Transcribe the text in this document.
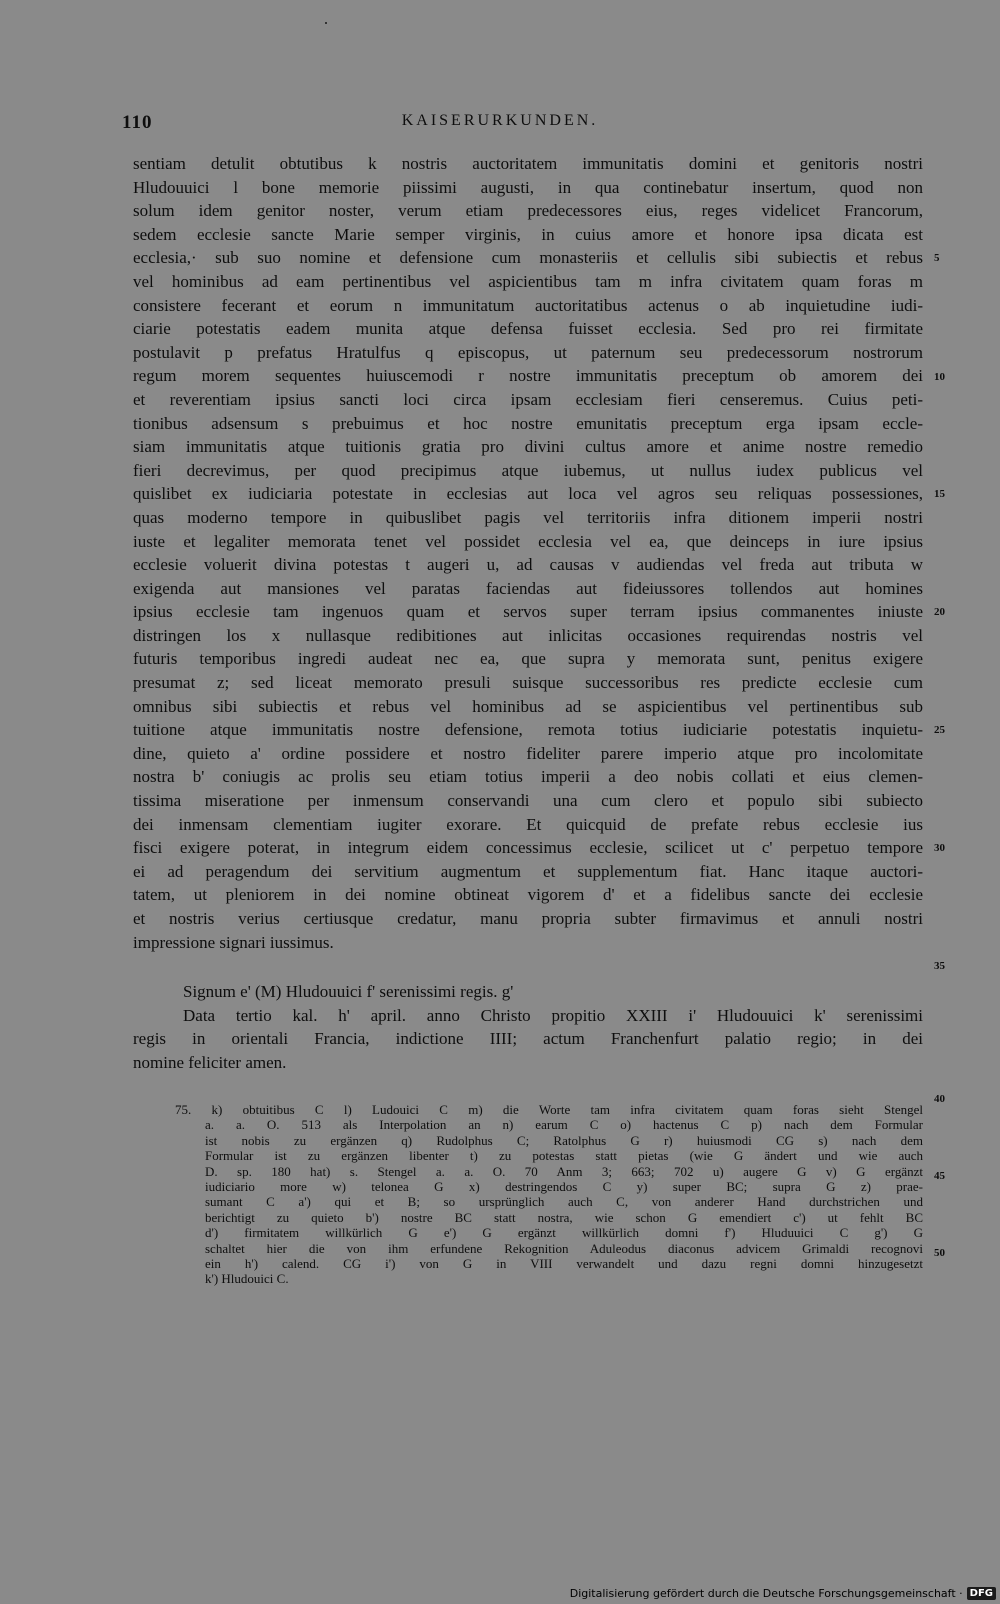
110	KAISERURKUNDEN.
sentiam detulit obtutibus k nostris auctoritatem immunitatis domini et genitoris nostri
Hludouuici l bone memorie piissimi augusti, in qua continebatur insertum, quod non
solum idem genitor noster, verum etiam predecessores eius, reges videlicet Francorum,
sedem ecclesie sancte Marie semper virginis, in cuius amore et honore ipsa dicata est
ecclesia,· sub suo nomine et defensione cum monasteriis et cellulis sibi subiectis et rebus
vel hominibus ad eam pertinentibus vel aspicientibus tam m infra civitatem quam foras m
consistere fecerant et eorum n immunitatum auctoritatibus actenus o ab inquietudine iudi-
ciarie potestatis eadem munita atque defensa fuisset ecclesia. Sed pro rei firmitate
postulavit p prefatus Hratulfus q episcopus, ut paternum seu predecessorum nostrorum
regum morem sequentes huiuscemodi r nostre immunitatis preceptum ob amorem dei
et reverentiam ipsius sancti loci circa ipsam ecclesiam fieri censeremus. Cuius peti-
tionibus adsensum s prebuimus et hoc nostre emunitatis preceptum erga ipsam eccle-
siam immunitatis atque tuitionis gratia pro divini cultus amore et anime nostre remedio
fieri decrevimus, per quod precipimus atque iubemus, ut nullus iudex publicus vel
quislibet ex iudiciaria potestate in ecclesias aut loca vel agros seu reliquas possessiones,
quas moderno tempore in quibuslibet pagis vel territoriis infra ditionem imperii nostri
iuste et legaliter memorata tenet vel possidet ecclesia vel ea, que deinceps in iure ipsius
ecclesie voluerit divina potestas t augeri u, ad causas v audiendas vel freda aut tributa w
exigenda aut mansiones vel paratas faciendas aut fideiussores tollendos aut homines
ipsius ecclesie tam ingenuos quam et servos super terram ipsius commanentes iniuste
distringen los x nullasque redibitiones aut inlicitas occasiones requirendas nostris vel
futuris temporibus ingredi audeat nec ea, que supra y memorata sunt, penitus exigere
presumat z; sed liceat memorato presuli suisque successoribus res predicte ecclesie cum
omnibus sibi subiectis et rebus vel hominibus ad se aspicientibus vel pertinentibus sub
tuitione atque immunitatis nostre defensione, remota totius iudiciarie potestatis inquietu-
dine, quieto a' ordine possidere et nostro fideliter parere imperio atque pro incolomitate
nostra b' coniugis ac prolis seu etiam totius imperii a deo nobis collati et eius clemen-
tissima miseratione per inmensum conservandi una cum clero et populo sibi subiecto
dei inmensam clementiam iugiter exorare. Et quicquid de prefate rebus ecclesie ius
fisci exigere poterat, in integrum eidem concessimus ecclesie, scilicet ut c' perpetuo tempore
ei ad peragendum dei servitium augmentum et supplementum fiat. Hanc itaque auctori-
tatem, ut pleniorem in dei nomine obtineat vigorem d' et a fidelibus sancte dei ecclesie
et nostris verius certiusque credatur, manu propria subter firmavimus et annuli nostri
impressione signari iussimus.
Signum e' (M) Hludouuici f' serenissimi regis. g'
Data tertio kal. h' april. anno Christo propitio XXIII i' Hludouuici k' serenissimi
regis in orientali Francia, indictione IIII; actum Franchenfurt palatio regio; in dei
nomine feliciter amen.
5
10
15
20
25
30
35
40
45
50
75. k) obtuitibus C l) Ludouici C m) die Worte tam infra civitatem quam foras sieht Stengel
a. a. O. 513 als Interpolation an n) earum C o) hactenus C p) nach dem Formular
ist nobis zu ergänzen q) Rudolphus C; Ratolphus G r) huiusmodi CG s) nach dem
Formular ist zu ergänzen libenter t) zu potestas statt pietas (wie G ändert und wie auch
D. sp. 180 hat) s. Stengel a. a. O. 70 Anm 3; 663; 702 u) augere G v) G ergänzt
iudiciario more w) telonea G x) destringendos C y) super BC; supra G z) prae-
sumant C a') qui et B; so ursprünglich auch C, von anderer Hand durchstrichen und
berichtigt zu quieto b') nostre BC statt nostra, wie schon G emendiert c') ut fehlt BC
d') firmitatem willkürlich G e') G ergänzt willkürlich domni f') Hluduuici C g') G
schaltet hier die von ihm erfundene Rekognition Aduleodus diaconus advicem Grimaldi recognovi
ein h') calend. CG i') von G in VIII verwandelt und dazu regni domni hinzugesetzt
k') Hludouici C.
Digitalisierung gefördert durch die Deutsche Forschungsgemeinschaft · DFG
